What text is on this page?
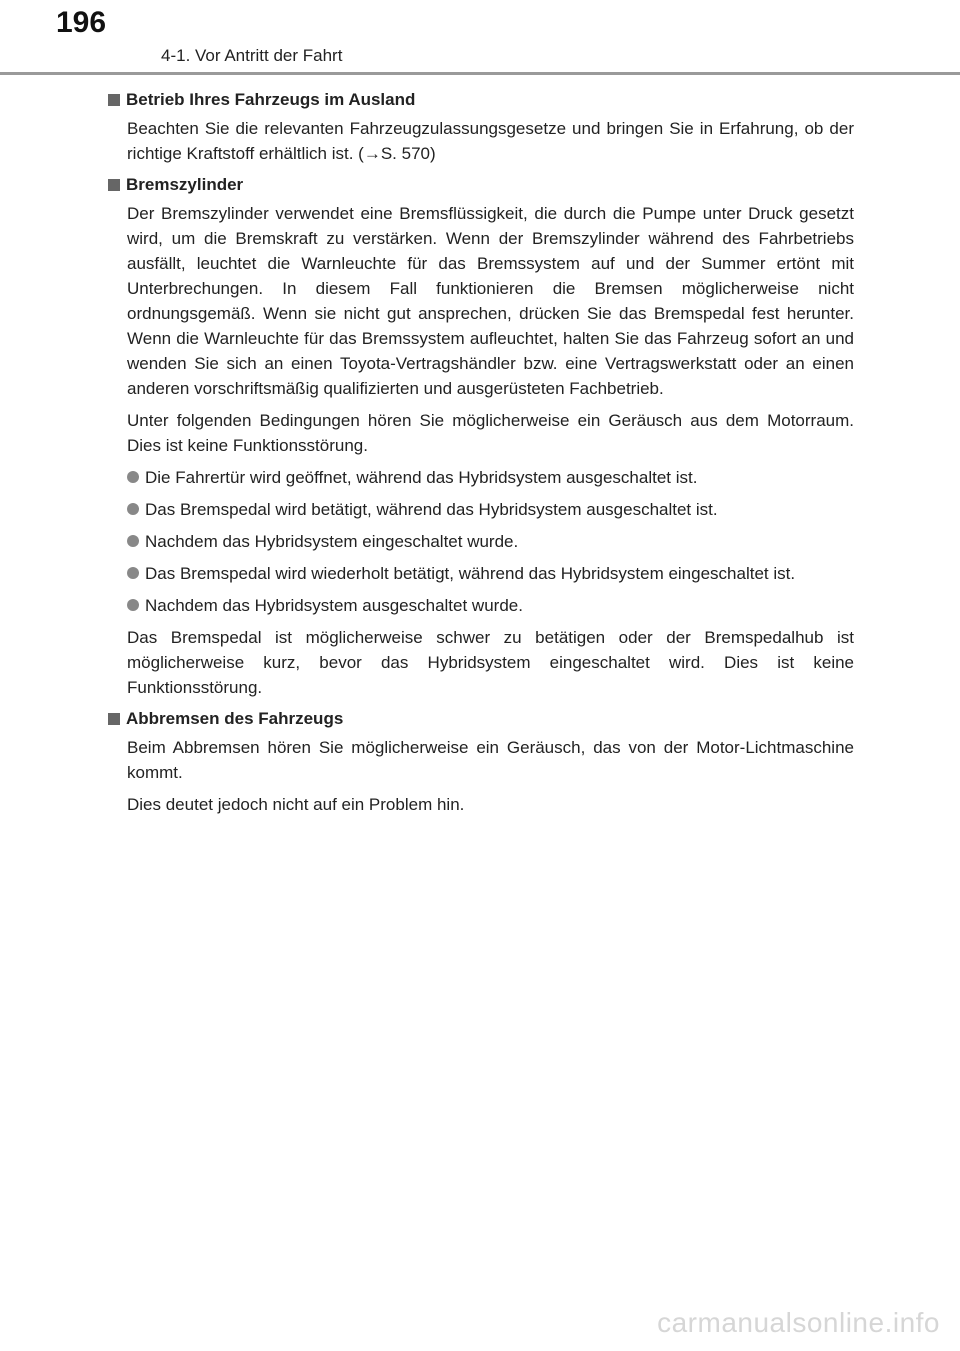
196
4-1. Vor Antritt der Fahrt
Betrieb Ihres Fahrzeugs im Ausland

Beachten Sie die relevanten Fahrzeugzulassungsgesetze und bringen Sie in Erfahrung, ob der richtige Kraftstoff erhältlich ist. (→S. 570)

Bremszylinder

Der Bremszylinder verwendet eine Bremsflüssigkeit, die durch die Pumpe unter Druck gesetzt wird, um die Bremskraft zu verstärken. Wenn der Bremszylinder während des Fahrbetriebs ausfällt, leuchtet die Warnleuchte für das Bremssystem auf und der Summer ertönt mit Unterbrechungen. In diesem Fall funktionieren die Bremsen möglicherweise nicht ordnungsgemäß. Wenn sie nicht gut ansprechen, drücken Sie das Bremspedal fest herunter. Wenn die Warnleuchte für das Bremssystem aufleuchtet, halten Sie das Fahrzeug sofort an und wenden Sie sich an einen Toyota-Vertragshändler bzw. eine Vertragswerkstatt oder an einen anderen vorschriftsmäßig qualifizierten und ausgerüsteten Fachbetrieb.

Unter folgenden Bedingungen hören Sie möglicherweise ein Geräusch aus dem Motorraum. Dies ist keine Funktionsstörung.

Die Fahrertür wird geöffnet, während das Hybridsystem ausgeschaltet ist.
Das Bremspedal wird betätigt, während das Hybridsystem ausgeschaltet ist.
Nachdem das Hybridsystem eingeschaltet wurde.
Das Bremspedal wird wiederholt betätigt, während das Hybridsystem eingeschaltet ist.
Nachdem das Hybridsystem ausgeschaltet wurde.

Das Bremspedal ist möglicherweise schwer zu betätigen oder der Bremspedalhub ist möglicherweise kurz, bevor das Hybridsystem eingeschaltet wird. Dies ist keine Funktionsstörung.

Abbremsen des Fahrzeugs

Beim Abbremsen hören Sie möglicherweise ein Geräusch, das von der Motor-Lichtmaschine kommt.

Dies deutet jedoch nicht auf ein Problem hin.

carmanualsonline.info
